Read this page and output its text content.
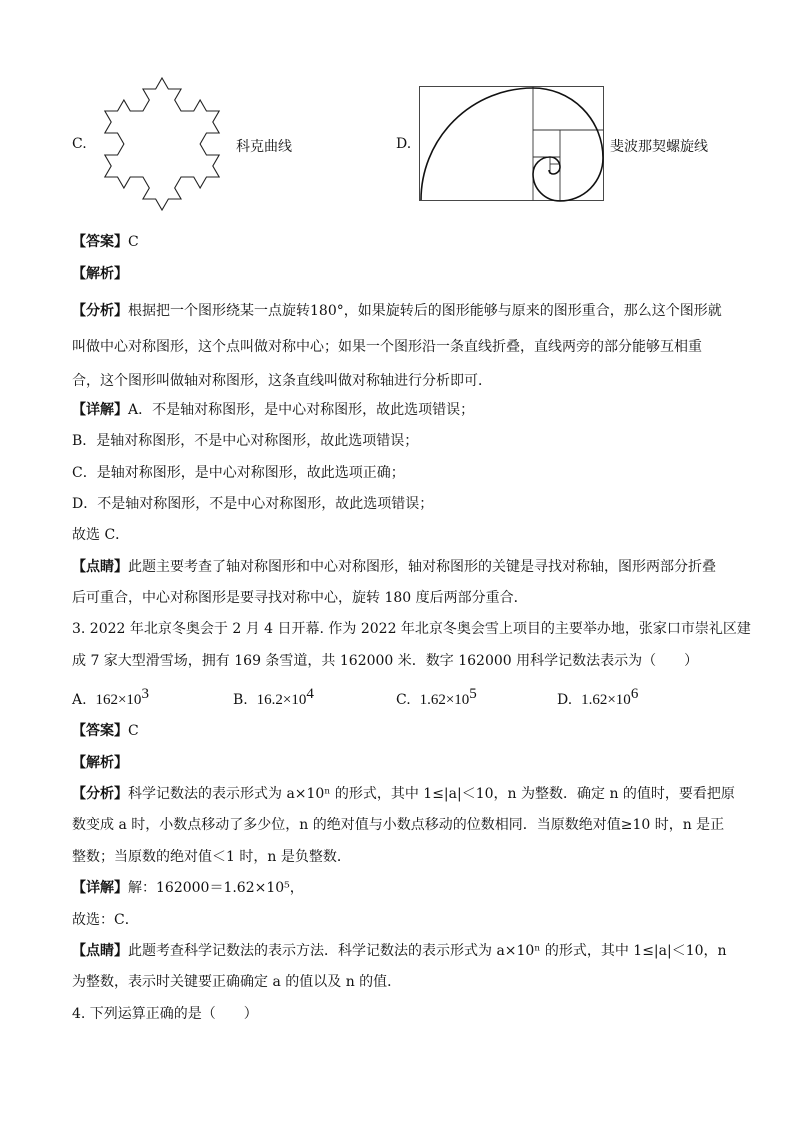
C.	科克曲线	D.	斐波那契螺旋线
【答案】C
【解析】
【分析】根据把一个图形绕某一点旋转180°，如果旋转后的图形能够与原来的图形重合，那么这个图形就
叫做中心对称图形，这个点叫做对称中心；如果一个图形沿一条直线折叠，直线两旁的部分能够互相重
合，这个图形叫做轴对称图形，这条直线叫做对称轴进行分析即可．
【详解】A．不是轴对称图形，是中心对称图形，故此选项错误；
B．是轴对称图形，不是中心对称图形，故此选项错误；
C．是轴对称图形，是中心对称图形，故此选项正确；
D．不是轴对称图形，不是中心对称图形，故此选项错误；
故选 C．
【点睛】此题主要考查了轴对称图形和中心对称图形，轴对称图形的关键是寻找对称轴，图形两部分折叠
后可重合，中心对称图形是要寻找对称中心，旋转 180 度后两部分重合．
3. 2022 年北京冬奥会于 2 月 4 日开幕. 作为 2022 年北京冬奥会雪上项目的主要举办地，张家口市崇礼区建
成 7 家大型滑雪场，拥有 169 条雪道，共 162000 米．数字 162000 用科学记数法表示为（　　）
A. $162\times 10^3$	B. $16.2\times 10^4$	C. $1.62\times 10^5$	D. $1.62\times 10^6$
【答案】C
【解析】
【分析】科学记数法的表示形式为 a×10ⁿ 的形式，其中 1≤|a|＜10，n 为整数．确定 n 的值时，要看把原
数变成 a 时，小数点移动了多少位，n 的绝对值与小数点移动的位数相同．当原数绝对值≥10 时，n 是正
整数；当原数的绝对值＜1 时，n 是负整数．
【详解】解：162000＝1.62×10⁵，
故选：C．
【点睛】此题考查科学记数法的表示方法．科学记数法的表示形式为 a×10ⁿ 的形式，其中 1≤|a|＜10，n
为整数，表示时关键要正确确定 a 的值以及 n 的值．
4. 下列运算正确的是（　　）
